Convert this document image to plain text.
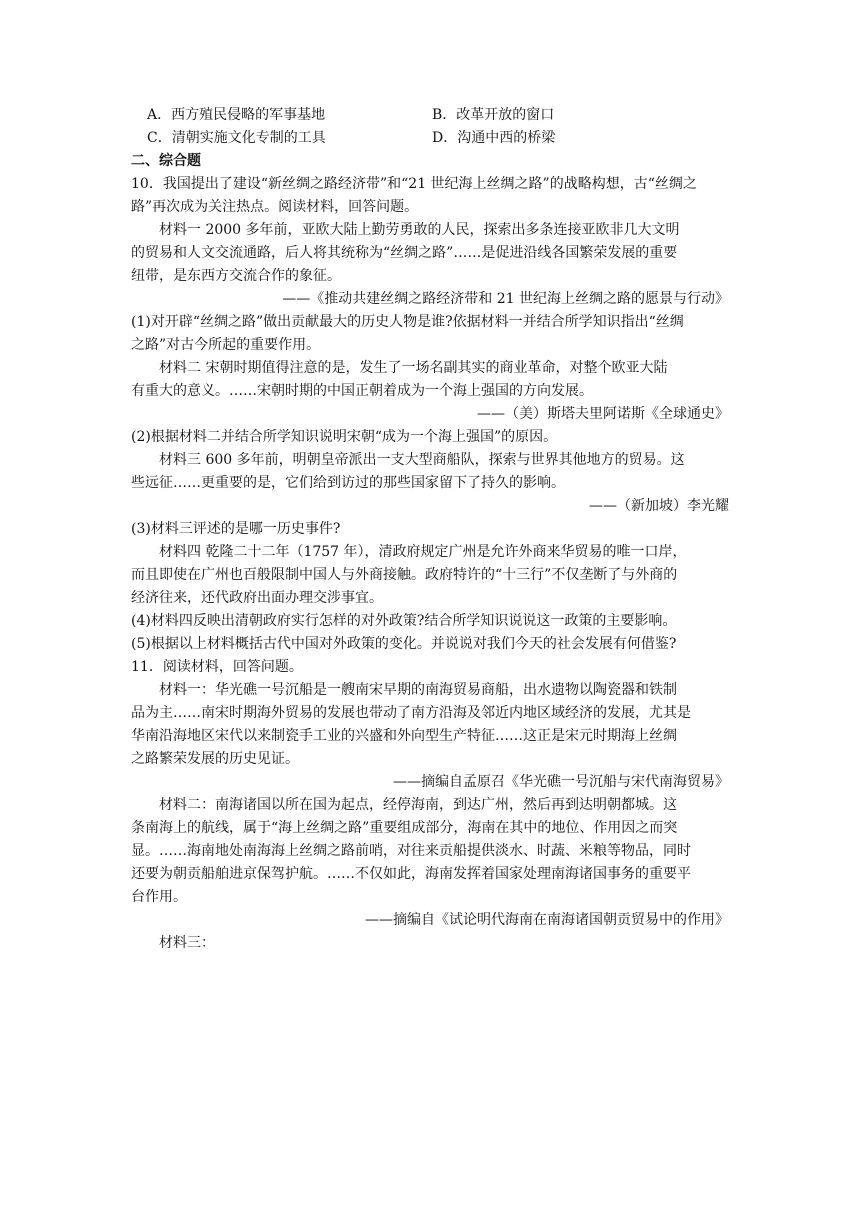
A．西方殖民侵略的军事基地	B．改革开放的窗口
C．清朝实施文化专制的工具	D．沟通中西的桥梁
二、综合题
10．我国提出了建设“新丝绸之路经济带”和“21 世纪海上丝绸之路”的战略构想，古“丝绸之
路”再次成为关注热点。阅读材料，回答问题。
材料一 2000 多年前，亚欧大陆上勤劳勇敢的人民，探索出多条连接亚欧非几大文明
的贸易和人文交流通路，后人将其统称为“丝绸之路”……是促进沿线各国繁荣发展的重要
纽带，是东西方交流合作的象征。
——《推动共建丝绸之路经济带和 21 世纪海上丝绸之路的愿景与行动》
(1)对开辟“丝绸之路”做出贡献最大的历史人物是谁?依据材料一并结合所学知识指出“丝绸
之路”对古今所起的重要作用。
材料二 宋朝时期值得注意的是，发生了一场名副其实的商业革命，对整个欧亚大陆
有重大的意义。……宋朝时期的中国正朝着成为一个海上强国的方向发展。
——（美）斯塔夫里阿诺斯《全球通史》
(2)根据材料二并结合所学知识说明宋朝“成为一个海上强国”的原因。
材料三 600 多年前，明朝皇帝派出一支大型商船队，探索与世界其他地方的贸易。这
些远征……更重要的是，它们给到访过的那些国家留下了持久的影响。
——（新加坡）李光耀
(3)材料三评述的是哪一历史事件?
材料四 乾隆二十二年（1757 年），清政府规定广州是允许外商来华贸易的唯一口岸，
而且即使在广州也百般限制中国人与外商接触。政府特许的“十三行”不仅垄断了与外商的
经济往来，还代政府出面办理交涉事宜。
(4)材料四反映出清朝政府实行怎样的对外政策?结合所学知识说说这一政策的主要影响。
(5)根据以上材料概括古代中国对外政策的变化。并说说对我们今天的社会发展有何借鉴?
11．阅读材料，回答问题。
材料一：华光礁一号沉船是一艘南宋早期的南海贸易商船，出水遗物以陶瓷器和铁制
品为主……南宋时期海外贸易的发展也带动了南方沿海及邻近内地区域经济的发展，尤其是
华南沿海地区宋代以来制瓷手工业的兴盛和外向型生产特征……这正是宋元时期海上丝绸
之路繁荣发展的历史见证。
——摘编自孟原召《华光礁一号沉船与宋代南海贸易》
材料二：南海诸国以所在国为起点，经停海南，到达广州，然后再到达明朝都城。这
条南海上的航线，属于“海上丝绸之路”重要组成部分，海南在其中的地位、作用因之而突
显。……海南地处南海海上丝绸之路前哨，对往来贡船提供淡水、时蔬、米粮等物品，同时
还要为朝贡船舶进京保驾护航。……不仅如此，海南发挥着国家处理南海诸国事务的重要平
台作用。
——摘编自《试论明代海南在南海诸国朝贡贸易中的作用》
材料三：
